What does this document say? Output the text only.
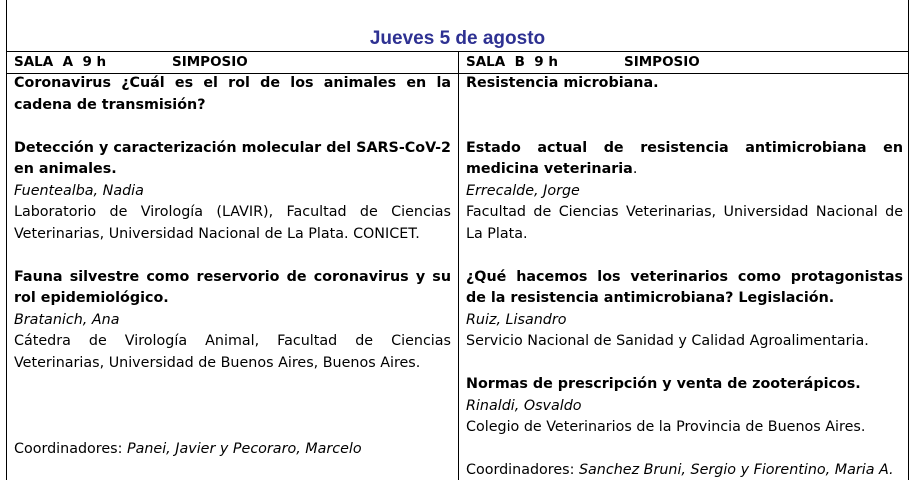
Jueves 5 de agosto
SALA  A  9 h	SIMPOSIO
Coronavirus ¿Cuál es el rol de los animales en la cadena de transmisión?
Detección y caracterización molecular del SARS-CoV-2 en animales.
Fuentealba, Nadia
Laboratorio de Virología (LAVIR), Facultad de Ciencias Veterinarias, Universidad Nacional de La Plata. CONICET.
Fauna silvestre como reservorio de coronavirus y su rol epidemiológico.
Bratanich, Ana
Cátedra de Virología Animal, Facultad de Ciencias Veterinarias, Universidad de Buenos Aires, Buenos Aires.
Coordinadores: Panei, Javier y Pecoraro, Marcelo
SALA  B  9 h	SIMPOSIO
Resistencia microbiana.
Estado actual de resistencia antimicrobiana en medicina veterinaria.
Errecalde, Jorge
Facultad de Ciencias Veterinarias, Universidad Nacional de La Plata.
¿Qué hacemos los veterinarios como protagonistas de la resistencia antimicrobiana? Legislación.
Ruiz, Lisandro
Servicio Nacional de Sanidad y Calidad Agroalimentaria.
Normas de prescripción y venta de zooterápicos.
Rinaldi, Osvaldo
Colegio de Veterinarios de la Provincia de Buenos Aires.
Coordinadores: Sanchez Bruni, Sergio y Fiorentino, Maria A.
